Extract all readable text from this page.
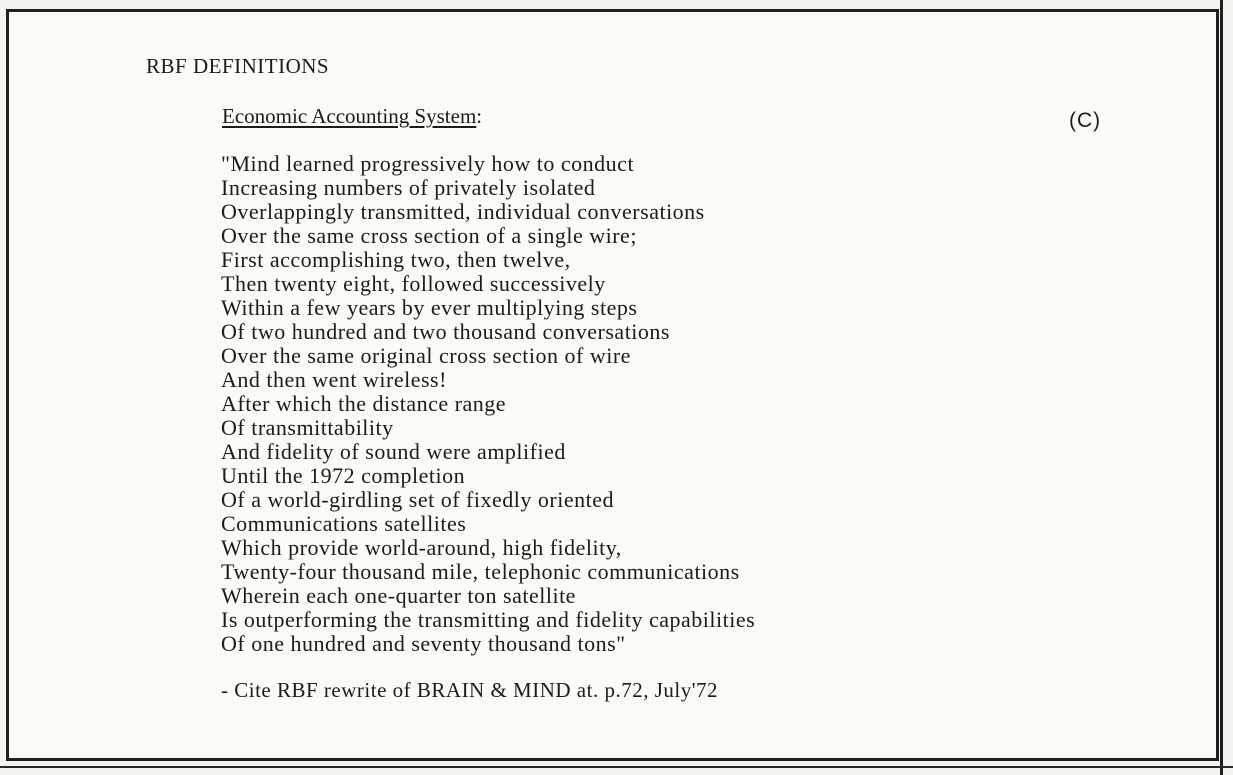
RBF DEFINITIONS
Economic Accounting System:	(C)
"Mind learned progressively how to conduct
Increasing numbers of privately isolated
Overlappingly transmitted, individual conversations
Over the same cross section of a single wire;
First accomplishing two, then twelve,
Then twenty eight, followed successively
Within a few years by ever multiplying steps
Of two hundred and two thousand conversations
Over the same original cross section of wire
And then went wireless!
After which the distance range
Of transmittability
And fidelity of sound were amplified
Until the 1972 completion
Of a world-girdling set of fixedly oriented
Communications satellites
Which provide world-around, high fidelity,
Twenty-four thousand mile, telephonic communications
Wherein each one-quarter ton satellite
Is outperforming the transmitting and fidelity capabilities
Of one hundred and seventy thousand tons"
- Cite RBF rewrite of BRAIN & MIND at. p.72, July'72
